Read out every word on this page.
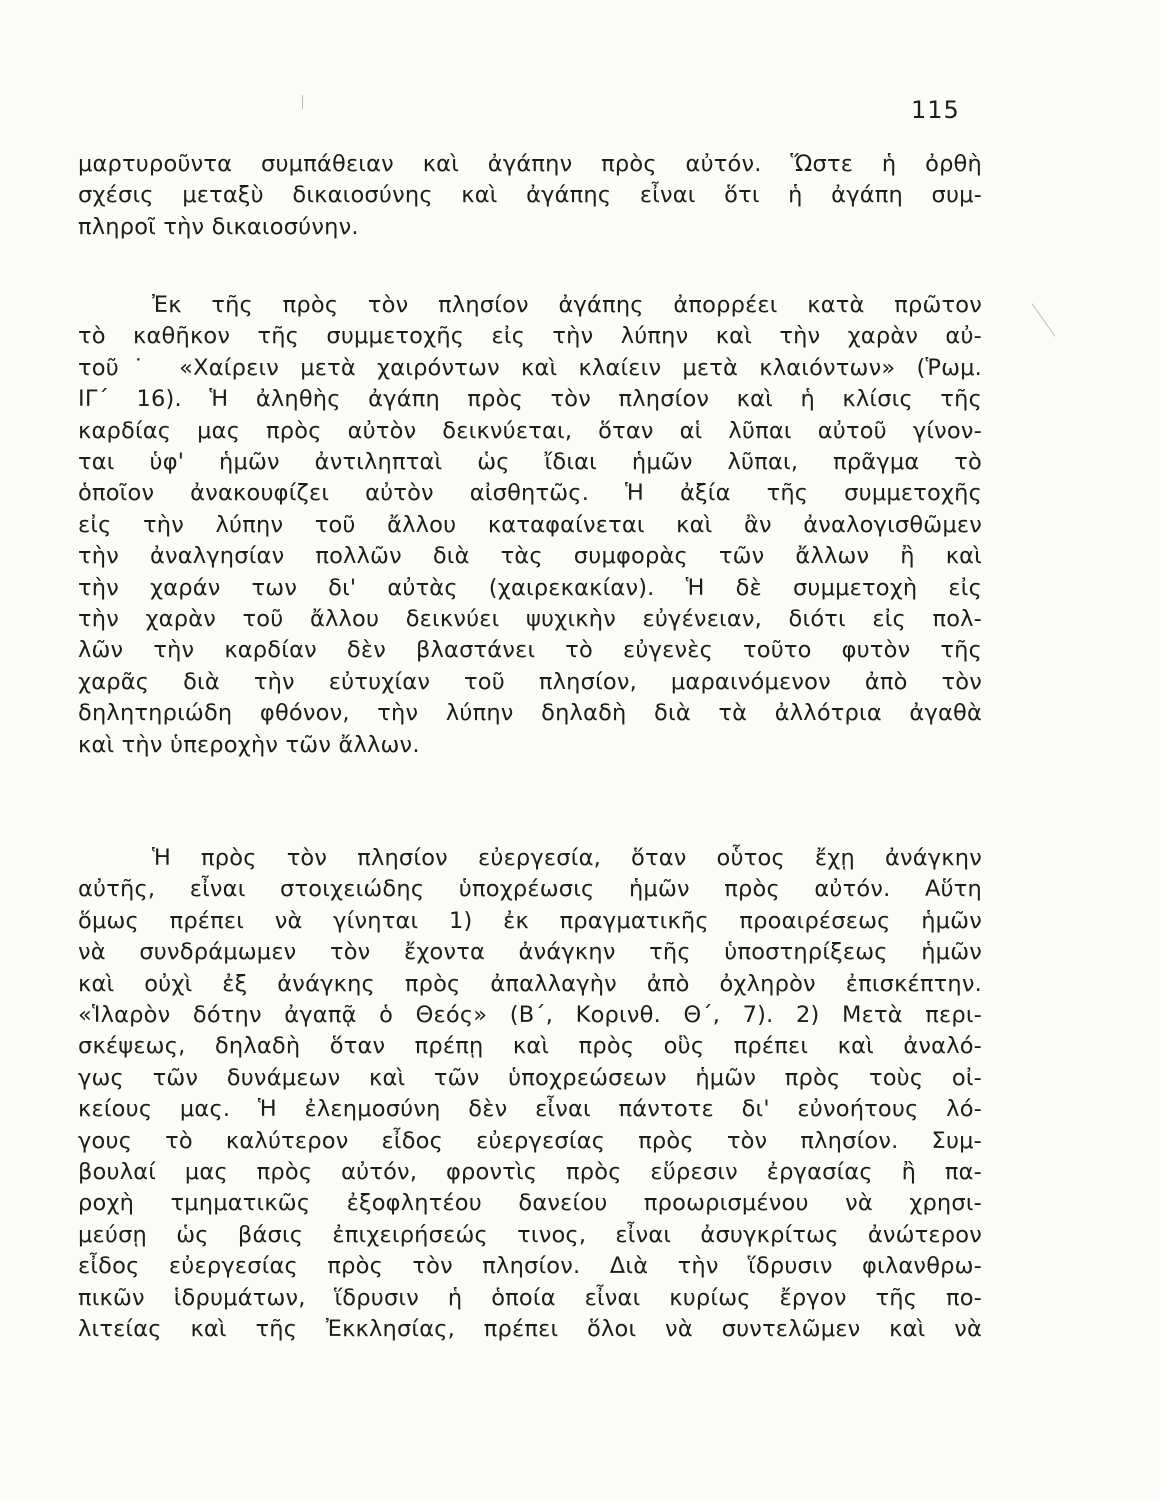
115
μαρτυροῦντα συμπάθειαν καὶ ἀγάπην πρὸς αὐτόν. Ὥστε ἡ ὀρθὴ
σχέσις μεταξὺ δικαιοσύνης καὶ ἀγάπης εἶναι ὅτι ἡ ἀγάπη συμ-
πληροῖ τὴν δικαιοσύνην.
Ἐκ τῆς πρὸς τὸν πλησίον ἀγάπης ἀπορρέει κατὰ πρῶτον
τὸ καθῆκον τῆς συμμετοχῆς εἰς τὴν λύπην καὶ τὴν χαρὰν αὐ-
τοῦ˙ «Χαίρειν μετὰ χαιρόντων καὶ κλαίειν μετὰ κλαιόντων» (Ῥωμ.
ΙΓ΄ 16). Ἡ ἀληθὴς ἀγάπη πρὸς τὸν πλησίον καὶ ἡ κλίσις τῆς
καρδίας μας πρὸς αὐτὸν δεικνύεται, ὅταν αἱ λῦπαι αὐτοῦ γίνον-
ται ὑφ' ἡμῶν ἀντιληπταὶ ὡς ἴδιαι ἡμῶν λῦπαι, πρᾶγμα τὸ
ὁποῖον ἀνακουφίζει αὐτὸν αἰσθητῶς. Ἡ ἀξία τῆς συμμετοχῆς
εἰς τὴν λύπην τοῦ ἄλλου καταφαίνεται καὶ ἂν ἀναλογισθῶμεν
τὴν ἀναλγησίαν πολλῶν διὰ τὰς συμφορὰς τῶν ἄλλων ἢ καὶ
τὴν χαράν των δι' αὐτὰς (χαιρεκακίαν). Ἡ δὲ συμμετοχὴ εἰς
τὴν χαρὰν τοῦ ἄλλου δεικνύει ψυχικὴν εὐγένειαν, διότι εἰς πολ-
λῶν τὴν καρδίαν δὲν βλαστάνει τὸ εὐγενὲς τοῦτο φυτὸν τῆς
χαρᾶς διὰ τὴν εὐτυχίαν τοῦ πλησίον, μαραινόμενον ἀπὸ τὸν
δηλητηριώδη φθόνον, τὴν λύπην δηλαδὴ διὰ τὰ ἀλλότρια ἀγαθὰ
καὶ τὴν ὑπεροχὴν τῶν ἄλλων.
Ἡ πρὸς τὸν πλησίον εὐεργεσία, ὅταν οὗτος ἔχῃ ἀνάγκην
αὐτῆς, εἶναι στοιχειώδης ὑποχρέωσις ἡμῶν πρὸς αὐτόν. Αὕτη
ὅμως πρέπει νὰ γίνηται 1) ἐκ πραγματικῆς προαιρέσεως ἡμῶν
νὰ συνδράμωμεν τὸν ἔχοντα ἀνάγκην τῆς ὑποστηρίξεως ἡμῶν
καὶ οὐχὶ ἐξ ἀνάγκης πρὸς ἀπαλλαγὴν ἀπὸ ὀχληρὸν ἐπισκέπτην.
«Ἱλαρὸν δότην ἀγαπᾷ ὁ Θεός» (Β΄, Κορινθ. Θ΄, 7). 2) Μετὰ περι-
σκέψεως, δηλαδὴ ὅταν πρέπῃ καὶ πρὸς οὓς πρέπει καὶ ἀναλό-
γως τῶν δυνάμεων καὶ τῶν ὑποχρεώσεων ἡμῶν πρὸς τοὺς οἰ-
κείους μας. Ἡ ἐλεημοσύνη δὲν εἶναι πάντοτε δι' εὐνοήτους λό-
γους τὸ καλύτερον εἶδος εὐεργεσίας πρὸς τὸν πλησίον. Συμ-
βουλαί μας πρὸς αὐτόν, φροντὶς πρὸς εὕρεσιν ἐργασίας ἢ πα-
ροχὴ τμηματικῶς ἐξοφλητέου δανείου προωρισμένου νὰ χρησι-
μεύσῃ ὡς βάσις ἐπιχειρήσεώς τινος, εἶναι ἀσυγκρίτως ἀνώτερον
εἶδος εὐεργεσίας πρὸς τὸν πλησίον. Διὰ τὴν ἵδρυσιν φιλανθρω-
πικῶν ἱδρυμάτων, ἵδρυσιν ἡ ὁποία εἶναι κυρίως ἔργον τῆς πο-
λιτείας καὶ τῆς Ἐκκλησίας, πρέπει ὅλοι νὰ συντελῶμεν καὶ νὰ
